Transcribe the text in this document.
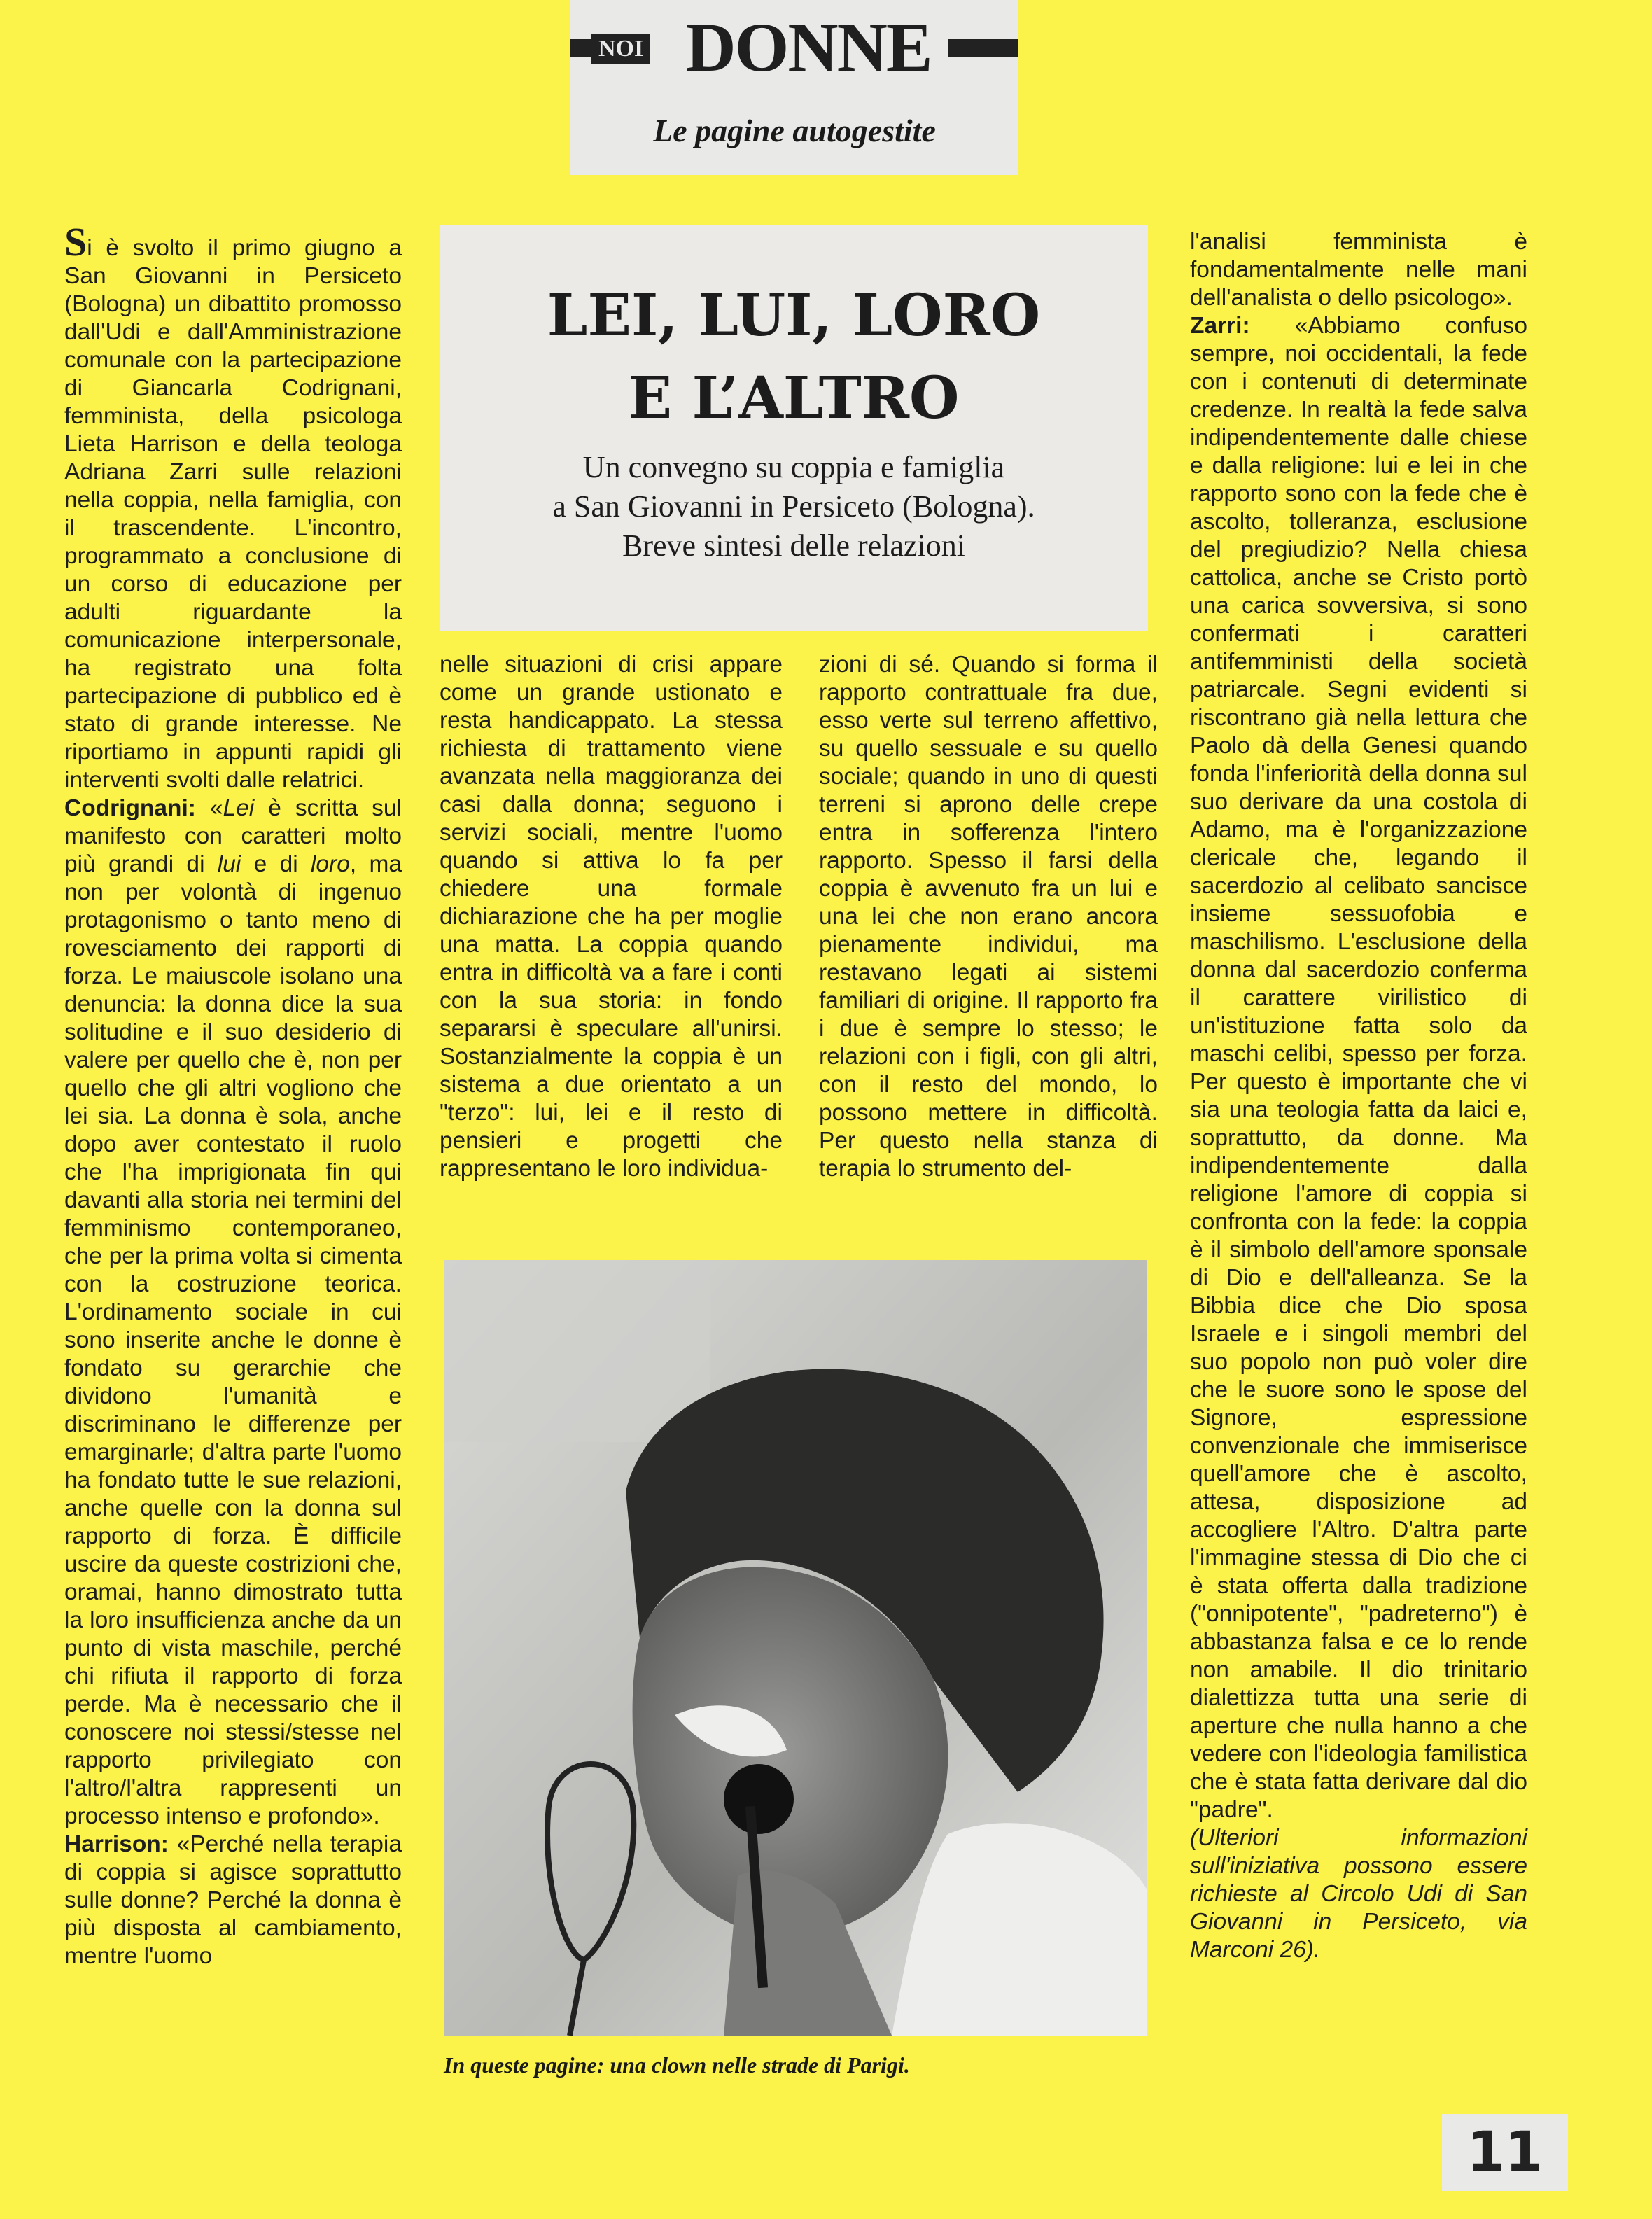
NOI DONNE
Le pagine autogestite
LEI, LUI, LORO
E L’ALTRO
Un convegno su coppia e famiglia
a San Giovanni in Persiceto (Bologna).
Breve sintesi delle relazioni

Si è svolto il primo giugno a San Giovanni in Persiceto (Bologna) un dibattito promosso dall'Udi e dall'Amministrazione comunale con la partecipazione di Giancarla Codrignani, femminista, della psicologa Lieta Harrison e della teologa Adriana Zarri sulle relazioni nella coppia, nella famiglia, con il trascendente. L'incontro, programmato a conclusione di un corso di educazione per adulti riguardante la comunicazione interpersonale, ha registrato una folta partecipazione di pubblico ed è stato di grande interesse. Ne riportiamo in appunti rapidi gli interventi svolti dalle relatrici.

Codrignani: «Lei è scritta sul manifesto con caratteri molto più grandi di lui e di loro, ma non per volontà di ingenuo protagonismo o tanto meno di rovesciamento dei rapporti di forza. Le maiuscole isolano una denuncia: la donna dice la sua solitudine e il suo desiderio di valere per quello che è, non per quello che gli altri vogliono che lei sia. La donna è sola, anche dopo aver contestato il ruolo che l'ha imprigionata fin qui davanti alla storia nei termini del femminismo contemporaneo, che per la prima volta si cimenta con la costruzione teorica. L'ordinamento sociale in cui sono inserite anche le donne è fondato su gerarchie che dividono l'umanità e discriminano le differenze per emarginarle; d'altra parte l'uomo ha fondato tutte le sue relazioni, anche quelle con la donna sul rapporto di forza. È difficile uscire da queste costrizioni che, oramai, hanno dimostrato tutta la loro insufficienza anche da un punto di vista maschile, perché chi rifiuta il rapporto di forza perde. Ma è necessario che il conoscere noi stessi/stesse nel rapporto privilegiato con l'altro/l'altra rappresenti un processo intenso e profondo».

Harrison: «Perché nella terapia di coppia si agisce soprattutto sulle donne? Perché la donna è più disposta al cambiamento, mentre l'uomo

nelle situazioni di crisi appare come un grande ustionato e resta handicappato. La stessa richiesta di trattamento viene avanzata nella maggioranza dei casi dalla donna; seguono i servizi sociali, mentre l'uomo quando si attiva lo fa per chiedere una formale dichiarazione che ha per moglie una matta. La coppia quando entra in difficoltà va a fare i conti con la sua storia: in fondo separarsi è speculare all'unirsi. Sostanzialmente la coppia è un sistema a due orientato a un "terzo": lui, lei e il resto di pensieri e progetti che rappresentano le loro individua-

zioni di sé. Quando si forma il rapporto contrattuale fra due, esso verte sul terreno affettivo, su quello sessuale e su quello sociale; quando in uno di questi terreni si aprono delle crepe entra in sofferenza l'intero rapporto. Spesso il farsi della coppia è avvenuto fra un lui e una lei che non erano ancora pienamente individui, ma restavano legati ai sistemi familiari di origine. Il rapporto fra i due è sempre lo stesso; le relazioni con i figli, con gli altri, con il resto del mondo, lo possono mettere in difficoltà. Per questo nella stanza di terapia lo strumento del-

l'analisi femminista è fondamentalmente nelle mani dell'analista o dello psicologo».

Zarri: «Abbiamo confuso sempre, noi occidentali, la fede con i contenuti di determinate credenze. In realtà la fede salva indipendentemente dalle chiese e dalla religione: lui e lei in che rapporto sono con la fede che è ascolto, tolleranza, esclusione del pregiudizio? Nella chiesa cattolica, anche se Cristo portò una carica sovversiva, si sono confermati i caratteri antifemministi della società patriarcale. Segni evidenti si riscontrano già nella lettura che Paolo dà della Genesi quando fonda l'inferiorità della donna sul suo derivare da una costola di Adamo, ma è l'organizzazione clericale che, legando il sacerdozio al celibato sancisce insieme sessuofobia e maschilismo. L'esclusione della donna dal sacerdozio conferma il carattere virilistico di un'istituzione fatta solo da maschi celibi, spesso per forza. Per questo è importante che vi sia una teologia fatta da laici e, soprattutto, da donne. Ma indipendentemente dalla religione l'amore di coppia si confronta con la fede: la coppia è il simbolo dell'amore sponsale di Dio e dell'alleanza. Se la Bibbia dice che Dio sposa Israele e i singoli membri del suo popolo non può voler dire che le suore sono le spose del Signore, espressione convenzionale che immiserisce quell'amore che è ascolto, attesa, disposizione ad accogliere l'Altro. D'altra parte l'immagine stessa di Dio che ci è stata offerta dalla tradizione ("onnipotente", "padreterno") è abbastanza falsa e ce lo rende non amabile. Il dio trinitario dialettizza tutta una serie di aperture che nulla hanno a che vedere con l'ideologia familistica che è stata fatta derivare dal dio "padre".

(Ulteriori informazioni sull'iniziativa possono essere richieste al Circolo Udi di San Giovanni in Persiceto, via Marconi 26).

In queste pagine: una clown nelle strade di Parigi.
11
